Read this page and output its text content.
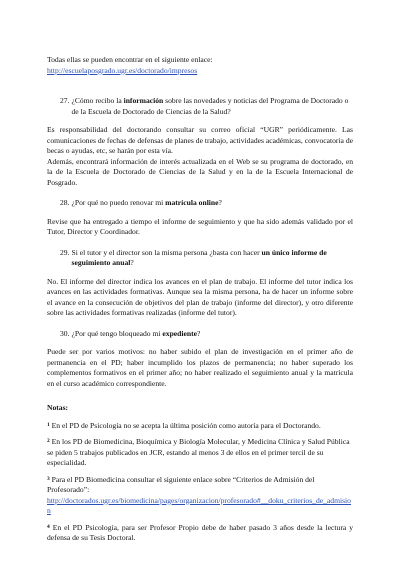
Todas ellas se pueden encontrar en el siguiente enlace:

http://escuelaposgrado.ugr.es/doctorado/impresos
27. ¿Cómo recibo la información sobre las novedades y noticias del Programa de Doctorado o de la Escuela de Doctorado de Ciencias de la Salud?

Es responsabilidad del doctorando consultar su correo oficial “UGR” periódicamente. Las comunicaciones de fechas de defensas de planes de trabajo, actividades académicas, convocatoria de becas o ayudas, etc, se harán por esta vía.

Además, encontrará información de interés actualizada en el Web se su programa de doctorado, en la de la Escuela de Doctorado de Ciencias de la Salud y en la de la Escuela Internacional de Posgrado.

28. ¿Por qué no puedo renovar mi matrícula online?

Revise que ha entregado a tiempo el informe de seguimiento y que ha sido además validado por el Tutor, Director y Coordinador.

29. Si el tutor y el director son la misma persona ¿basta con hacer un único informe de seguimiento anual?

No. El informe del director indica los avances en el plan de trabajo. El informe del tutor indica los avances en las actividades formativas. Aunque sea la misma persona, ha de hacer un informe sobre el avance en la consecución de objetivos del plan de trabajo (informe del director), y otro diferente sobre las actividades formativas realizadas (informe del tutor).

30. ¿Por qué tengo bloqueado mi expediente?

Puede ser por varios motivos: no haber subido el plan de investigación en el primer año de permanencia en el PD; haber incumplido los plazos de permanencia; no haber superado los complementos formativos en el primer año; no haber realizado el seguimiento anual y la matrícula en el curso académico correspondiente.

Notas:

$^1$ En el PD de Psicología no se acepta la última posición como autoría para el Doctorando.

$^2$ En los PD de Biomedicina, Bioquímica y Biología Molecular, y Medicina Clínica y Salud Pública se piden 5 trabajos publicados en JCR, estando al menos 3 de ellos en el primer tercil de su especialidad.

$^3$ Para el PD Biomedicina consultar el siguiente enlace sobre “Criterios de Admisión del Profesorado”:
http://doctorados.ugr.es/biomedicina/pages/organizacion/profesorado#__doku_criterios_de_admision

$^4$ En el PD Psicología, para ser Profesor Propio debe de haber pasado 3 años desde la lectura y defensa de su Tesis Doctoral.
